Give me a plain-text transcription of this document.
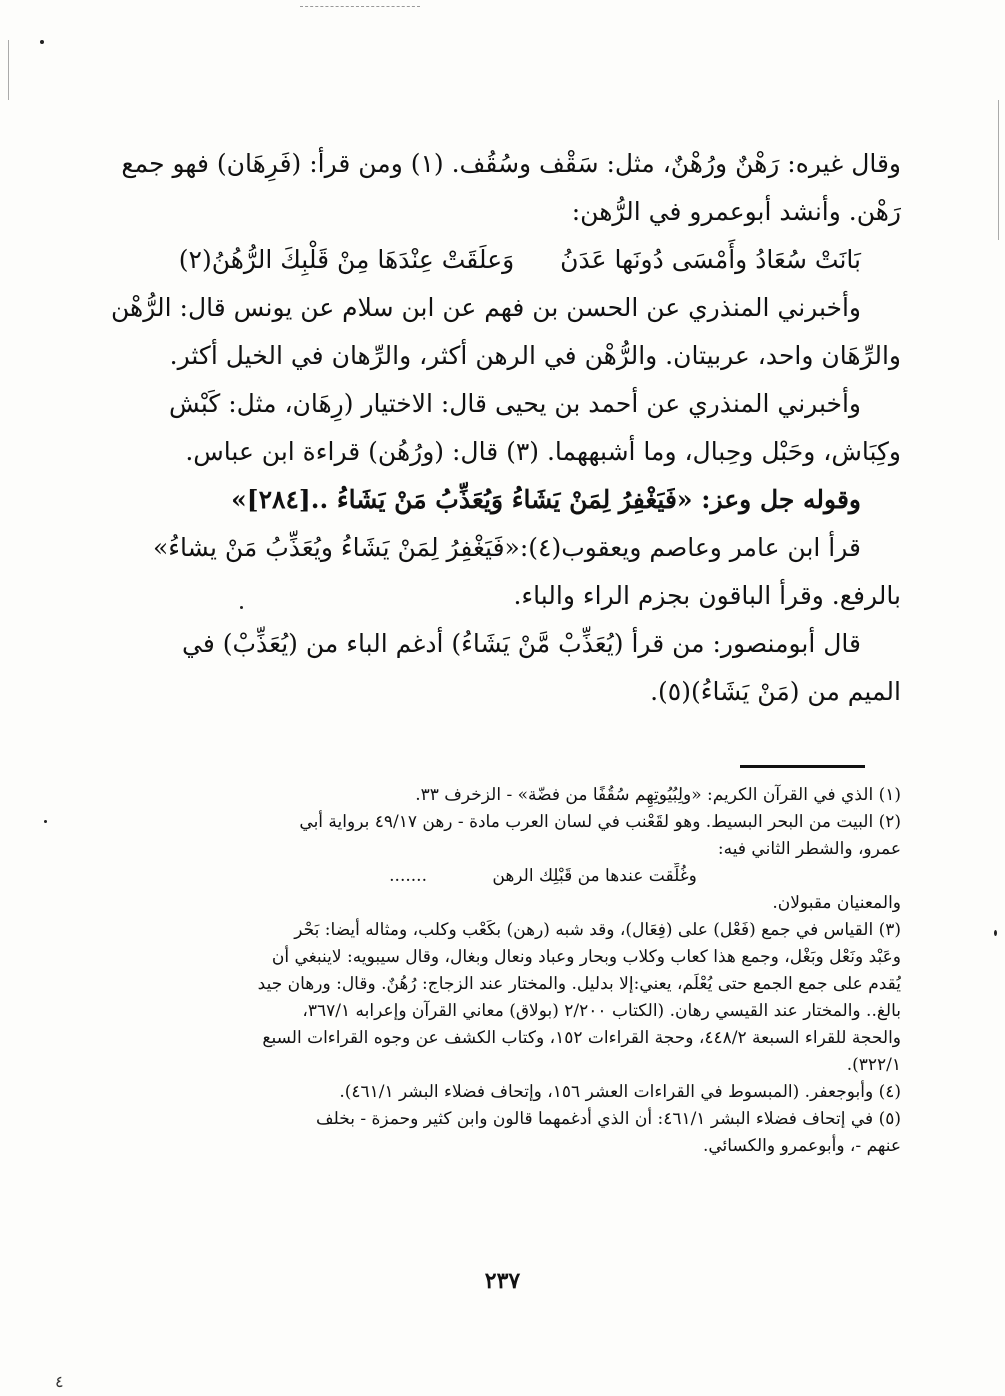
وقال غيره: رَهْنٌ ورُهْنٌ، مثل: سَقْف وسُقُف. (١) ومن قرأ: (فَرِهَان) فهو جمع
رَهْن. وأنشد أبوعمرو في الرُّهن:
بَانَتْ سُعَادُ وأَمْسَى دُونَها عَدَنُ  وَعلَقَتْ عِنْدَهَا مِنْ قَلْبِكَ الرُّهُنُ(٢)
وأخبرني المنذري عن الحسن بن فهم عن ابن سلام عن يونس قال: الرُّهْن
والرِّهَان واحد، عربيتان. والرُّهْن في الرهن أكثر، والرِّهان في الخيل أكثر.
وأخبرني المنذري عن أحمد بن يحيى قال: الاختيار (رِهَان، مثل: كَبْش
وكِبَاش، وحَبْل وحِبال، وما أشبههما. (٣) قال: (ورُهُن) قراءة ابن عباس.
وقوله جل وعز: «فَيَغْفِرُ لِمَنْ يَشَاءُ وَيُعَذِّبُ مَنْ يَشَاءُ ..[٢٨٤]»
قرأ ابن عامر وعاصم ويعقوب(٤):«فَيَغْفِرُ لِمَنْ يَشَاءُ ويُعَذِّبُ مَنْ يشاءُ»
بالرفع. وقرأ الباقون بجزم الراء والباء.
قال أبومنصور: من قرأ (يُعَذِّبْ مَّنْ يَشَاءُ) أدغم الباء من (يُعَذِّبْ) في
الميم من (مَنْ يَشَاءُ)(٥).
(١) الذي في القرآن الكريم: «ولِبُيُوتِهِم سُقُفًا من فضّة» - الزخرف ٣٣.
(٢) البيت من البحر البسيط. وهو لقَعْنب في لسان العرب مادة - رهن ٤٩/١٧ برواية أبي
عمرو، والشطر الثاني فيه:
وغُلِّقت عندها من قَبْلِك الرهن .......
والمعنيان مقبولان.
(٣) القياس في جمع (فَعْل) على (فِعَال)، وقد شبه (رهن) بكَعْب وكلب، ومثاله أيضا: بَحْر
وعَبْد ونَعْل وبَغْل، وجمع هذا كعاب وكلاب وبحار وعباد ونعال وبغال، وقال سيبويه: لاينبغي أن
يُقدم على جمع الجمع حتى يُعْلَم، يعني:إلا بدليل. والمختار عند الزجاج: رُهُنٌ. وقال: ورهان جيد
بالغ.. والمختار عند القيسي رهان. (الكتاب ٢/٢٠٠ (بولاق) معاني القرآن وإعرابه ٣٦٧/١،
والحجة للقراء السبعة ٤٤٨/٢، وحجة القراءات ١٥٢، وكتاب الكشف عن وجوه القراءات السبع
٣٢٢/١).
(٤) وأبوجعفر. (المبسوط في القراءات العشر ١٥٦، وإتحاف فضلاء البشر ٤٦١/١).
(٥) في إتحاف فضلاء البشر ٤٦١/١: أن الذي أدغمهما قالون وابن كثير وحمزة - بخلف
عنهم -، وأبوعمرو والكسائي.
٢٣٧
٤
